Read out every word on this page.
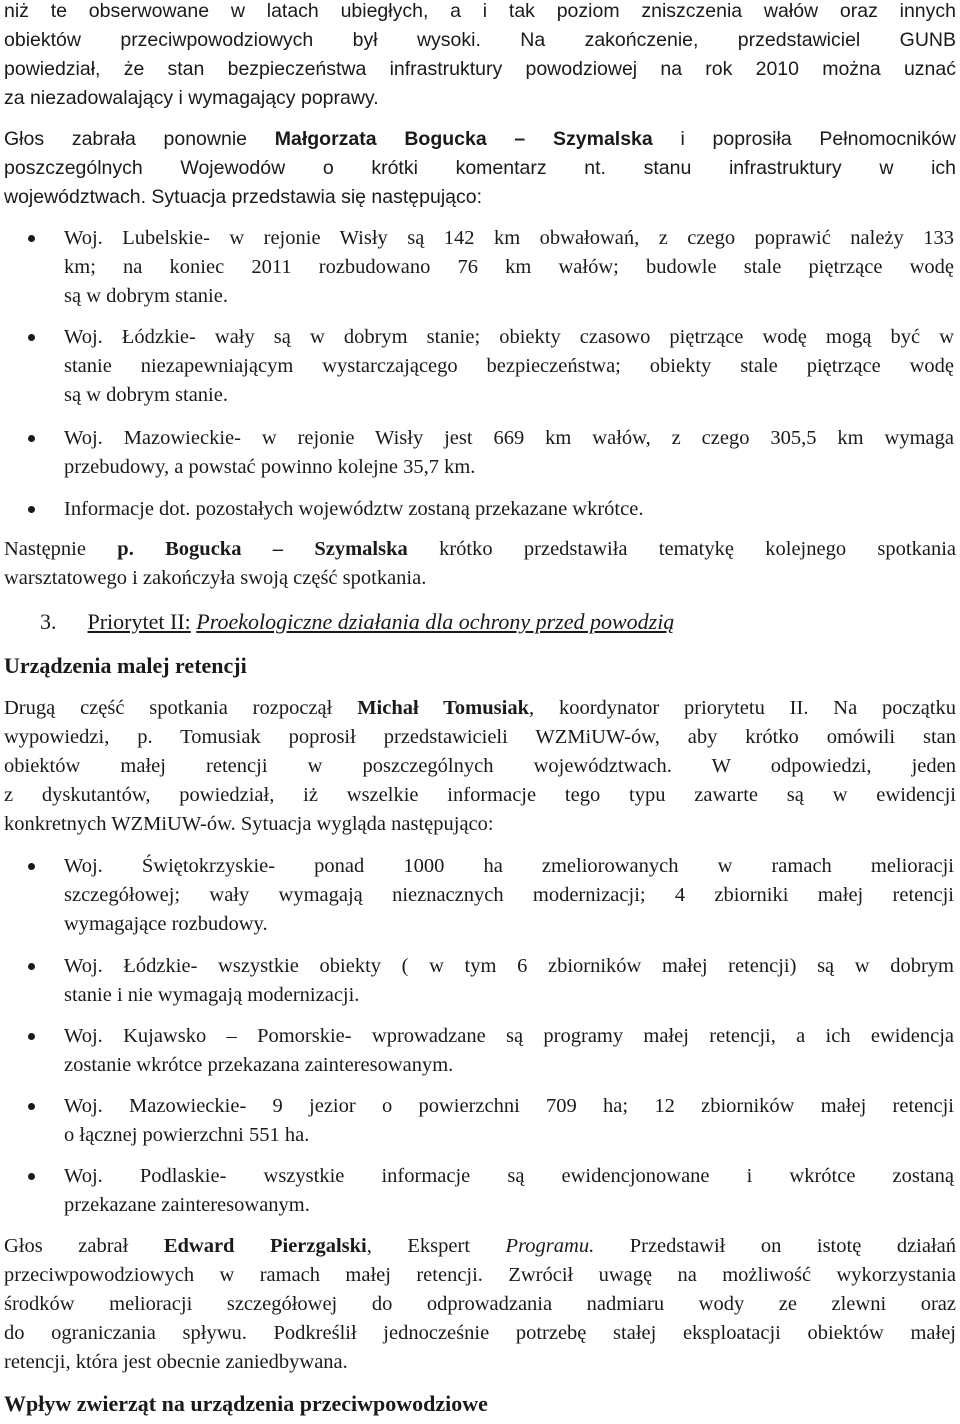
niż te obserwowane w latach ubiegłych, a i tak poziom zniszczenia wałów oraz innych
obiektów przeciwpowodziowych był wysoki. Na zakończenie, przedstawiciel GUNB
powiedział, że stan bezpieczeństwa infrastruktury powodziowej na rok 2010 można uznać
za niezadowalający i wymagający poprawy.
Głos zabrała ponownie Małgorzata Bogucka – Szymalska i poprosiła Pełnomocników
poszczególnych Wojewodów o krótki komentarz nt. stanu infrastruktury w ich
województwach. Sytuacja przedstawia się następująco:
Woj. Lubelskie- w rejonie Wisły są 142 km obwałowań, z czego poprawić należy 133
km; na koniec 2011 rozbudowano 76 km wałów; budowle stale piętrzące wodę
są w dobrym stanie.
Woj. Łódzkie- wały są w dobrym stanie; obiekty czasowo piętrzące wodę mogą być w
stanie niezapewniającym wystarczającego bezpieczeństwa; obiekty stale piętrzące wodę
są w dobrym stanie.
Woj. Mazowieckie- w rejonie Wisły jest 669 km wałów, z czego 305,5 km wymaga
przebudowy, a powstać powinno kolejne 35,7 km.
Informacje dot. pozostałych województw zostaną przekazane wkrótce.
Następnie p. Bogucka – Szymalska krótko przedstawiła tematykę kolejnego spotkania
warsztatowego i zakończyła swoją część spotkania.
3. Priorytet II: Proekologiczne działania dla ochrony przed powodzią
Urządzenia malej retencji
Drugą część spotkania rozpoczął Michał Tomusiak, koordynator priorytetu II. Na początku
wypowiedzi, p. Tomusiak poprosił przedstawicieli WZMiUW-ów, aby krótko omówili stan
obiektów małej retencji w poszczególnych województwach. W odpowiedzi, jeden
z dyskutantów, powiedział, iż wszelkie informacje tego typu zawarte są w ewidencji
konkretnych WZMiUW-ów. Sytuacja wygląda następująco:
Woj. Świętokrzyskie- ponad 1000 ha zmeliorowanych w ramach melioracji
szczegółowej; wały wymagają nieznacznych modernizacji; 4 zbiorniki małej retencji
wymagające rozbudowy.
Woj. Łódzkie- wszystkie obiekty ( w tym 6 zbiorników małej retencji) są w dobrym
stanie i nie wymagają modernizacji.
Woj. Kujawsko – Pomorskie- wprowadzane są programy małej retencji, a ich ewidencja
zostanie wkrótce przekazana zainteresowanym.
Woj. Mazowieckie- 9 jezior o powierzchni 709 ha; 12 zbiorników małej retencji
o łącznej powierzchni 551 ha.
Woj. Podlaskie- wszystkie informacje są ewidencjonowane i wkrótce zostaną
przekazane zainteresowanym.
Głos zabrał Edward Pierzgalski, Ekspert Programu. Przedstawił on istotę działań
przeciwpowodziowych w ramach małej retencji. Zwrócił uwagę na możliwość wykorzystania
środków melioracji szczegółowej do odprowadzania nadmiaru wody ze zlewni oraz
do ograniczania spływu. Podkreślił jednocześnie potrzebę stałej eksploatacji obiektów małej
retencji, która jest obecnie zaniedbywana.
Wpływ zwierząt na urządzenia przeciwpowodziowe
